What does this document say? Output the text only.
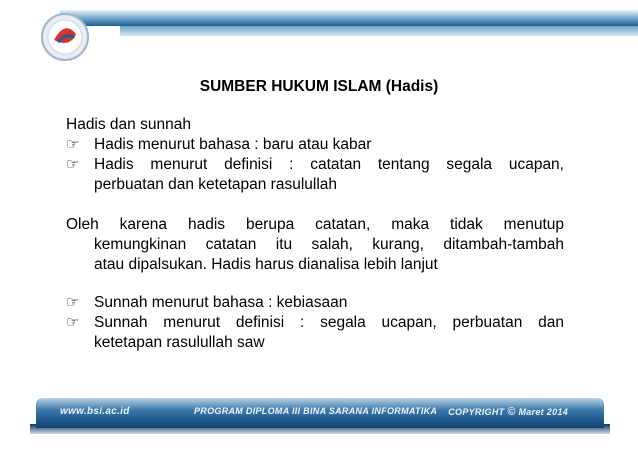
SUMBER HUKUM ISLAM (Hadis)

Hadis dan sunnah

☞ Hadis menurut bahasa : baru atau kabar
☞ Hadis menurut definisi : catatan tentang segala ucapan,
perbuatan dan ketetapan rasulullah

Oleh karena hadis berupa catatan, maka tidak menutup

kemungkinan catatan itu salah, kurang, ditambah-tambah

atau dipalsukan. Hadis harus dianalisa lebih lanjut

☞ Sunnah menurut bahasa : kebiasaan
☞ Sunnah menurut definisi : segala ucapan, perbuatan dan
ketetapan rasulullah saw
www.bsi.ac.id	PROGRAM DIPLOMA III BINA SARANA INFORMATIKA COPYRIGHT © Maret 2014
